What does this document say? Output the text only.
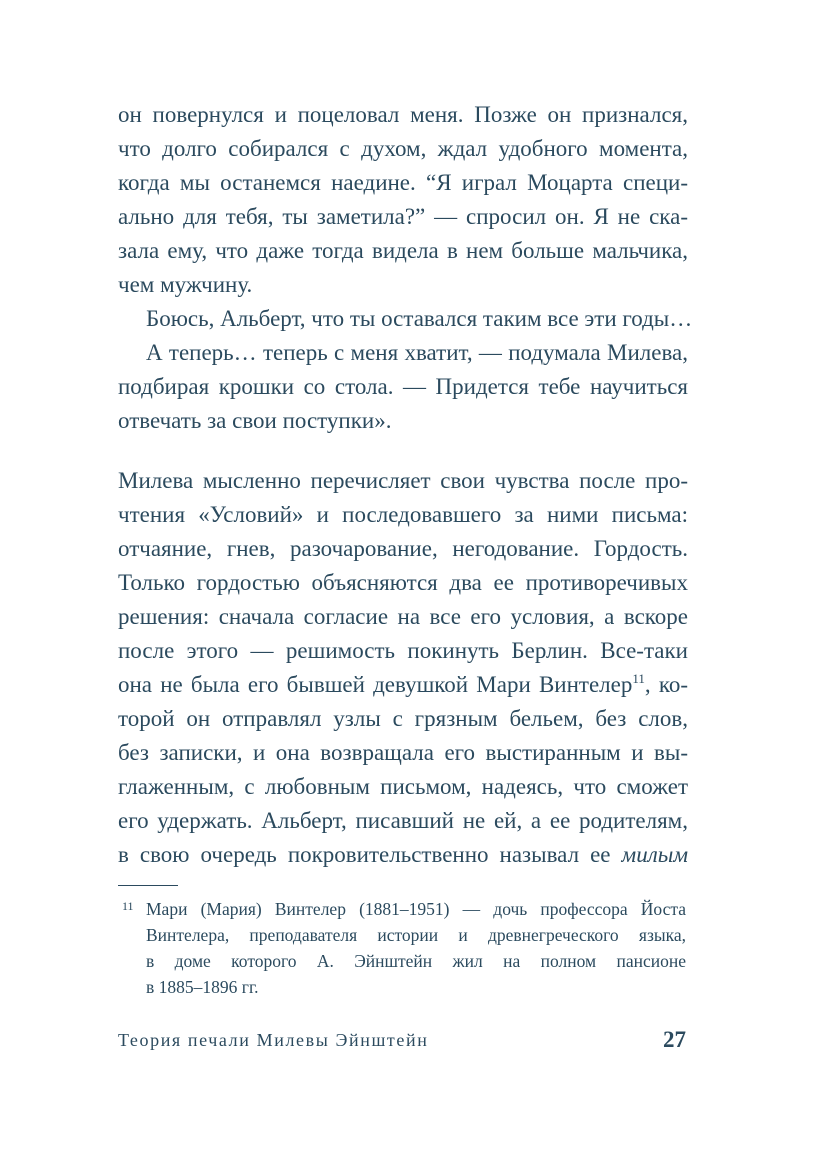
он повернулся и поцеловал меня. Позже он признался,
что долго собирался с духом, ждал удобного момента,
когда мы останемся наедине. “Я играл Моцарта специ-
ально для тебя, ты заметила?” — спросил он. Я не ска-
зала ему, что даже тогда видела в нем больше мальчика,
чем мужчину.
Боюсь, Альберт, что ты оставался таким все эти годы…
А теперь… теперь с меня хватит, — подумала Милева,
подбирая крошки со стола. — Придется тебе научиться
отвечать за свои поступки».
Милева мысленно перечисляет свои чувства после про-
чтения «Условий» и последовавшего за ними письма:
отчаяние, гнев, разочарование, негодование. Гордость.
Только гордостью объясняются два ее противоречивых
решения: сначала согласие на все его условия, а вскоре
после этого — решимость покинуть Берлин. Все-таки
она не была его бывшей девушкой Мари Винтелер$^{11}$, ко-
торой он отправлял узлы с грязным бельем, без слов,
без записки, и она возвращала его выстиранным и вы-
глаженным, с любовным письмом, надеясь, что сможет
его удержать. Альберт, писавший не ей, а ее родителям,
в свою очередь покровительственно называл ее милым
11 Мари (Мария) Винтелер (1881–1951) — дочь профессора Йоста
Винтелера, преподавателя истории и древнегреческого языка,
в доме которого А. Эйнштейн жил на полном пансионе
в 1885–1896 гг.
Теория печали Милевы Эйнштейн	27
